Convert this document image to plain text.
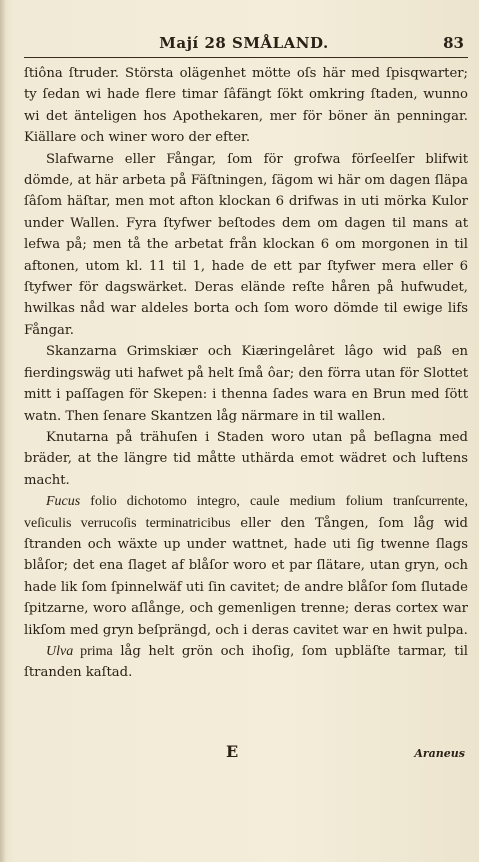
Mají 28 SMÅLAND.	83

ſtiôna ſtruder. Största olägenhet mötte oſs här med ſpisqwarter; ty ſedan wi hade flere timar ſâfängt ſökt omkring ſtaden, wunno wi det änteligen hos Apothekaren, mer för böner än penningar. Kiällare och winer woro der efter.

Slafwarne eller Fångar, ſom för grofwa förſeelſer blifwit dömde, at här arbeta på Fäſtningen, ſägom wi här om dagen ſläpa ſâſom häſtar, men mot afton klockan 6 drifwas in uti mörka Kulor under Wallen. Fyra ſtyfwer beſtodes dem om dagen til mans at lefwa på; men tå the arbetat från klockan 6 om morgonen in til aftonen, utom kl. 11 til 1, hade de ett par ſtyfwer mera eller 6 ſtyfwer för dagswärket. Deras elände reſte håren på hufwudet, hwilkas nåd war aldeles borta och ſom woro dömde til ewige lifs Fångar.

Skanzarna Grimskiær och Kiæringelâret lâgo wid paß en fierdingswäg uti hafwet på helt ſmå ôar; den förra utan för Slottet mitt i paſſagen för Skepen: i thenna ſades wara en Brun med ſött watn. Then ſenare Skantzen låg närmare in til wallen.

Knutarna på trähuſen i Staden woro utan på beſlagna med bräder, at the längre tid måtte uthärda emot wädret och luftens macht.

Fucus folio dichotomo integro, caule medium folium tranſcurrente, veſiculis verrucoſis terminatricibus eller den Tången, ſom låg wid ſtranden och wäxte up under wattnet, hade uti ſig twenne ſlags blåſor; det ena ſlaget af blåſor woro et par ſlätare, utan gryn, och hade lik ſom ſpinnelwäf uti ſin cavitet; de andre blåſor ſom ſlutade ſpitzarne, woro aſlånge, och gemenligen trenne; deras cortex war likſom med gryn beſprängd, och i deras cavitet war en hwit pulpa.

Ulva prima låg helt grön och ihoſig, ſom upbläſte tarmar, til ſtranden kaſtad.

E	Araneus
